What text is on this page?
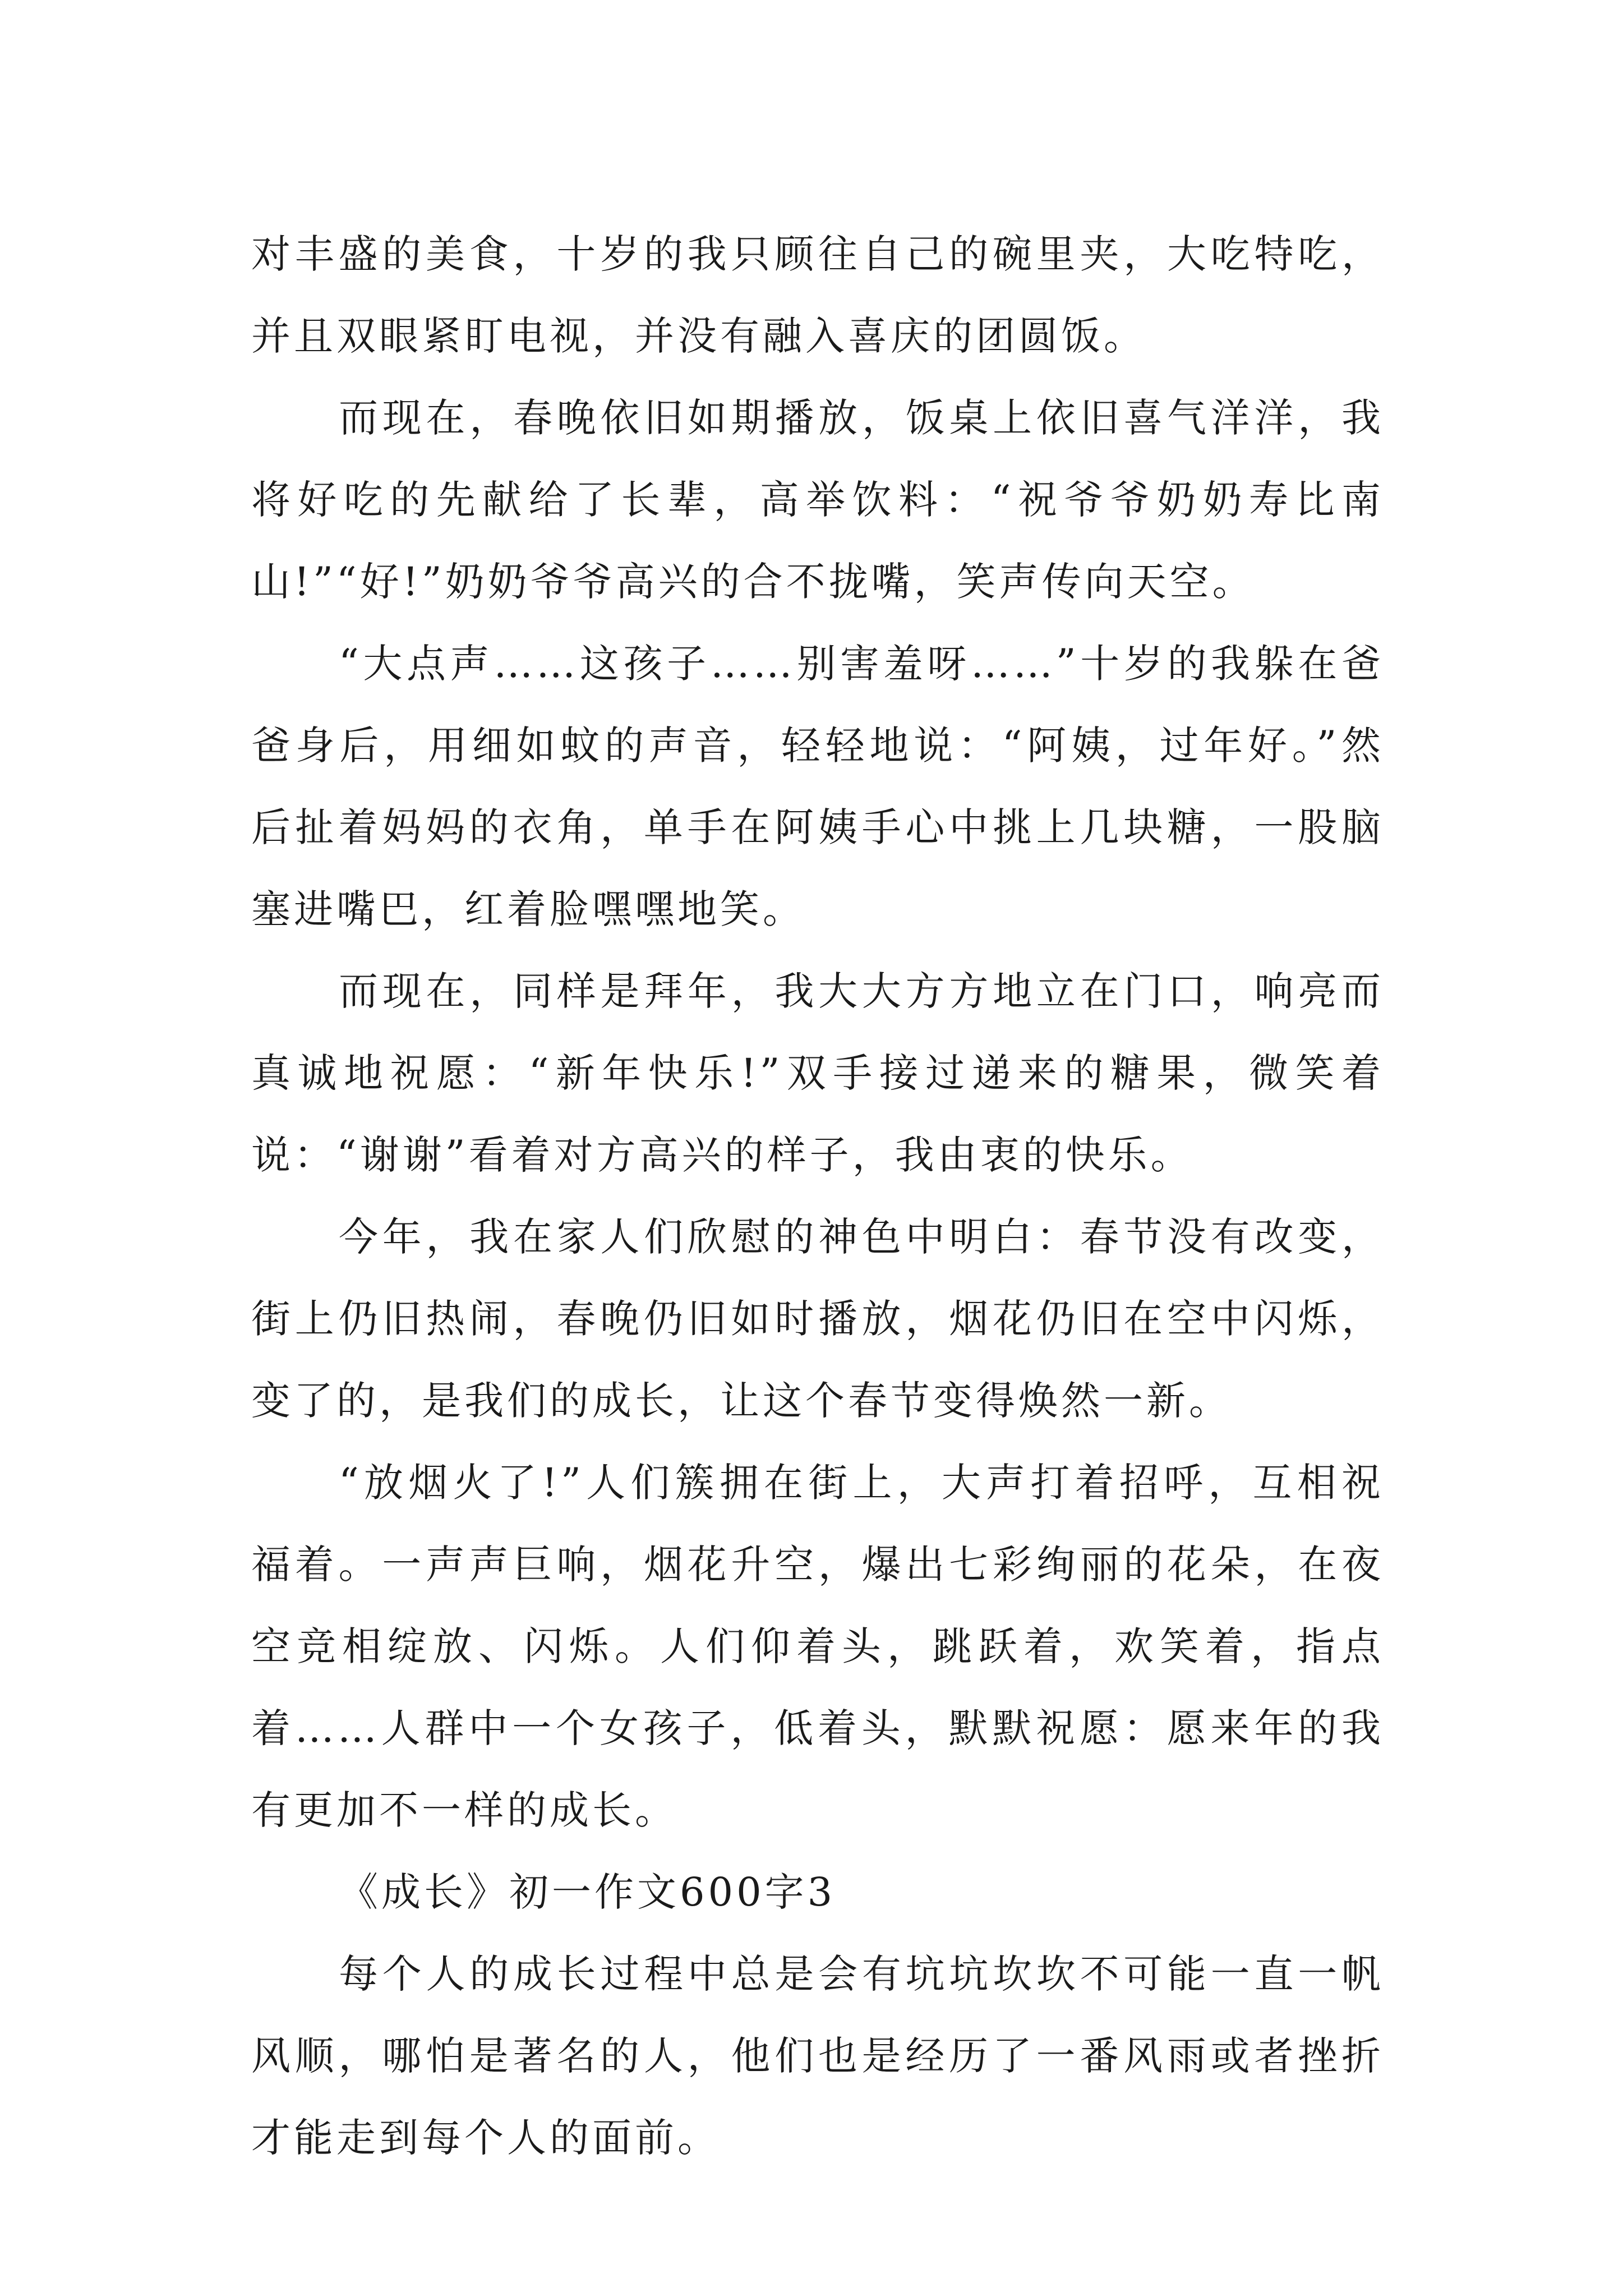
对丰盛的美食，十岁的我只顾往自己的碗里夹，大吃特吃，并且双眼紧盯电视，并没有融入喜庆的团圆饭。

而现在，春晚依旧如期播放，饭桌上依旧喜气洋洋，我将好吃的先献给了长辈，高举饮料：“祝爷爷奶奶寿比南山!”“好!”奶奶爷爷高兴的合不拢嘴，笑声传向天空。

“大点声……这孩子……别害羞呀……”十岁的我躲在爸爸身后，用细如蚊的声音，轻轻地说：“阿姨，过年好。”然后扯着妈妈的衣角，单手在阿姨手心中挑上几块糖，一股脑塞进嘴巴，红着脸嘿嘿地笑。

而现在，同样是拜年，我大大方方地立在门口，响亮而真诚地祝愿：“新年快乐!”双手接过递来的糖果，微笑着说：“谢谢”看着对方高兴的样子，我由衷的快乐。

今年，我在家人们欣慰的神色中明白：春节没有改变，街上仍旧热闹，春晚仍旧如时播放，烟花仍旧在空中闪烁，变了的，是我们的成长，让这个春节变得焕然一新。

“放烟火了!”人们簇拥在街上，大声打着招呼，互相祝福着。一声声巨响，烟花升空，爆出七彩绚丽的花朵，在夜空竞相绽放、闪烁。人们仰着头，跳跃着，欢笑着，指点着……人群中一个女孩子，低着头，默默祝愿：愿来年的我有更加不一样的成长。

《成长》初一作文600字3

每个人的成长过程中总是会有坑坑坎坎不可能一直一帆风顺，哪怕是著名的人，他们也是经历了一番风雨或者挫折才能走到每个人的面前。
